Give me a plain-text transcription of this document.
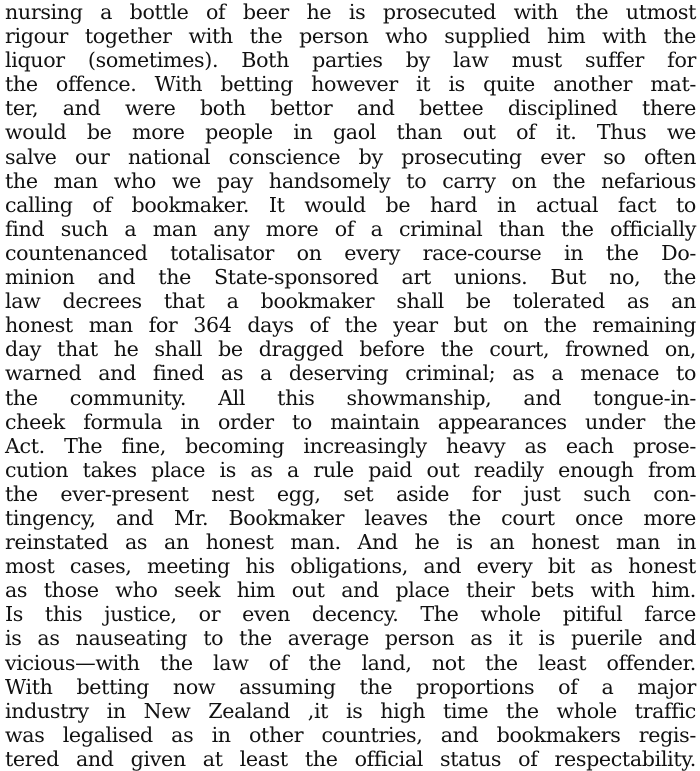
nursing a bottle of beer he is prosecuted with the utmost
rigour together with the person who supplied him with the
liquor (sometimes). Both parties by law must suffer for
the offence. With betting however it is quite another mat-
ter, and were both bettor and bettee disciplined there
would be more people in gaol than out of it. Thus we
salve our national conscience by prosecuting ever so often
the man who we pay handsomely to carry on the nefarious
calling of bookmaker. It would be hard in actual fact to
find such a man any more of a criminal than the officially
countenanced totalisator on every race-course in the Do-
minion and the State-sponsored art unions. But no, the
law decrees that a bookmaker shall be tolerated as an
honest man for 364 days of the year but on the remaining
day that he shall be dragged before the court, frowned on,
warned and fined as a deserving criminal; as a menace to
the community. All this showmanship, and tongue-in-
cheek formula in order to maintain appearances under the
Act. The fine, becoming increasingly heavy as each prose-
cution takes place is as a rule paid out readily enough from
the ever-present nest egg, set aside for just such con-
tingency, and Mr. Bookmaker leaves the court once more
reinstated as an honest man. And he is an honest man in
most cases, meeting his obligations, and every bit as honest
as those who seek him out and place their bets with him.
Is this justice, or even decency. The whole pitiful farce
is as nauseating to the average person as it is puerile and
vicious—with the law of the land, not the least offender.
With betting now assuming the proportions of a major
industry in New Zealand ,it is high time the whole traffic
was legalised as in other countries, and bookmakers regis-
tered and given at least the official status of respectability.
